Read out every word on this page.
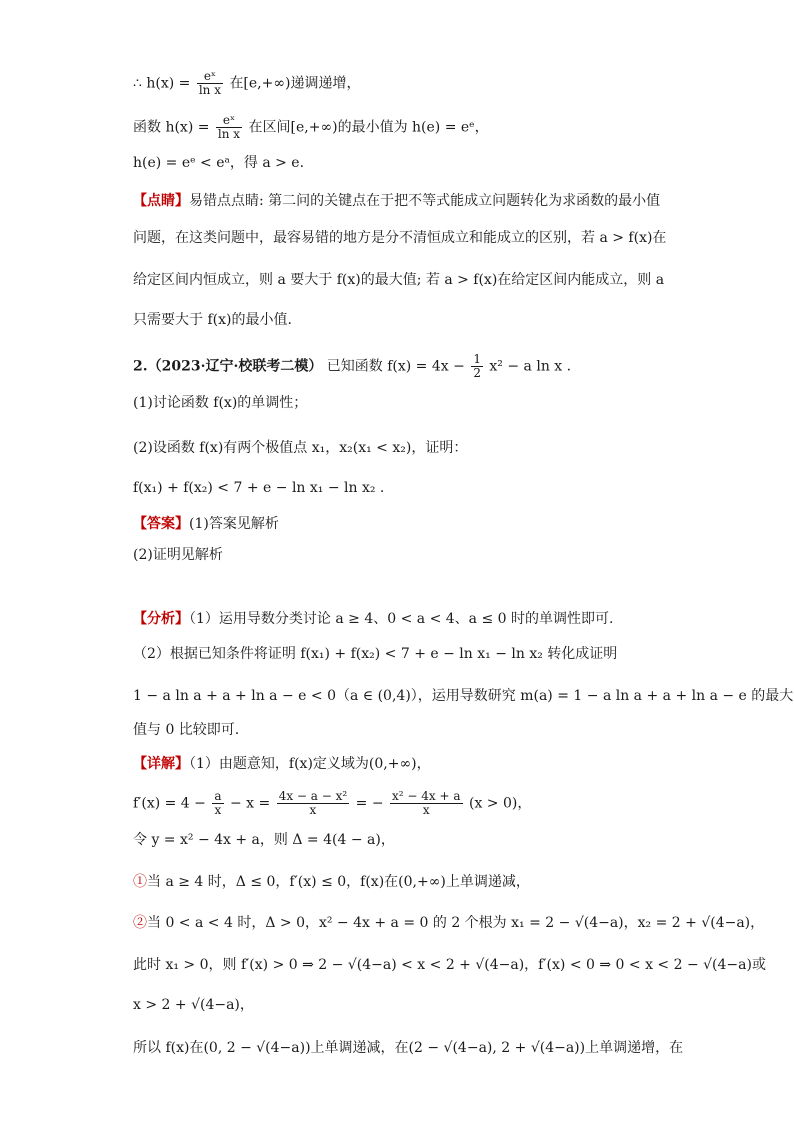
∴ $h(x) = \frac{\text{eˣ}}{\text{ln x}}$ 在[e,+∞)递调递增，
函数 $h(x) = \frac{\text{eˣ}}{\text{ln x}}$ 在区间[e,+∞)的最小值为 h(e) = eᵉ，
h(e) = eᵉ < eᵃ，得 a > e.
【点睛】易错点点睛: 第二问的关键点在于把不等式能成立问题转化为求函数的最小值
问题，在这类问题中，最容易错的地方是分不清恒成立和能成立的区别，若 a > f(x)在
给定区间内恒成立，则 a 要大于 f(x)的最大值; 若 a > f(x)在给定区间内能成立，则 a
只需要大于 f(x)的最小值.
2.（2023·辽宁·校联考二模） 已知函数 $f(x) = 4x - \frac{1}{2} x^2 - a$ ln x .
(1)讨论函数 f(x)的单调性；
(2)设函数 f(x)有两个极值点 x₁，x₂(x₁ < x₂)，证明：
f(x₁) + f(x₂) < 7 + e − ln x₁ − ln x₂ .
【答案】(1)答案见解析
(2)证明见解析
【分析】（1）运用导数分类讨论 a ≥ 4、0 < a < 4、a ≤ 0 时的单调性即可.
（2）根据已知条件将证明 f(x₁) + f(x₂) < 7 + e − ln x₁ − ln x₂ 转化成证明
1 − a ln a + a + ln a − e < 0（a ∈ (0,4)），运用导数研究 m(a) = 1 − a ln a + a + ln a − e 的最大
值与 0 比较即可.
【详解】（1）由题意知，f(x)定义域为(0,+∞)，
$f'(x) = 4 - \frac{a}{x} - x = \frac{\text{4x − a − x²}}{x}$ = − $\frac{\text{x² − 4x + a}}{x} (x > 0)$，
令 y = x² − 4x + a，则 Δ = 4(4 − a)，
①当 a ≥ 4 时，Δ ≤ 0，f′(x) ≤ 0，f(x)在(0,+∞)上单调递减，
②当 0 < a < 4 时，Δ > 0，x² − 4x + a = 0 的 2 个根为 x₁ = 2 − √(4−a)，x₂ = 2 + √(4−a)，
此时 x₁ > 0，则 f′(x) > 0 ⇒ 2 − √(4−a) < x < 2 + √(4−a)，f′(x) < 0 ⇒ 0 < x < 2 − √(4−a)或
x > 2 + √(4−a)，
所以 f(x)在(0, 2 − √(4−a))上单调递减，在(2 − √(4−a), 2 + √(4−a))上单调递增，在
